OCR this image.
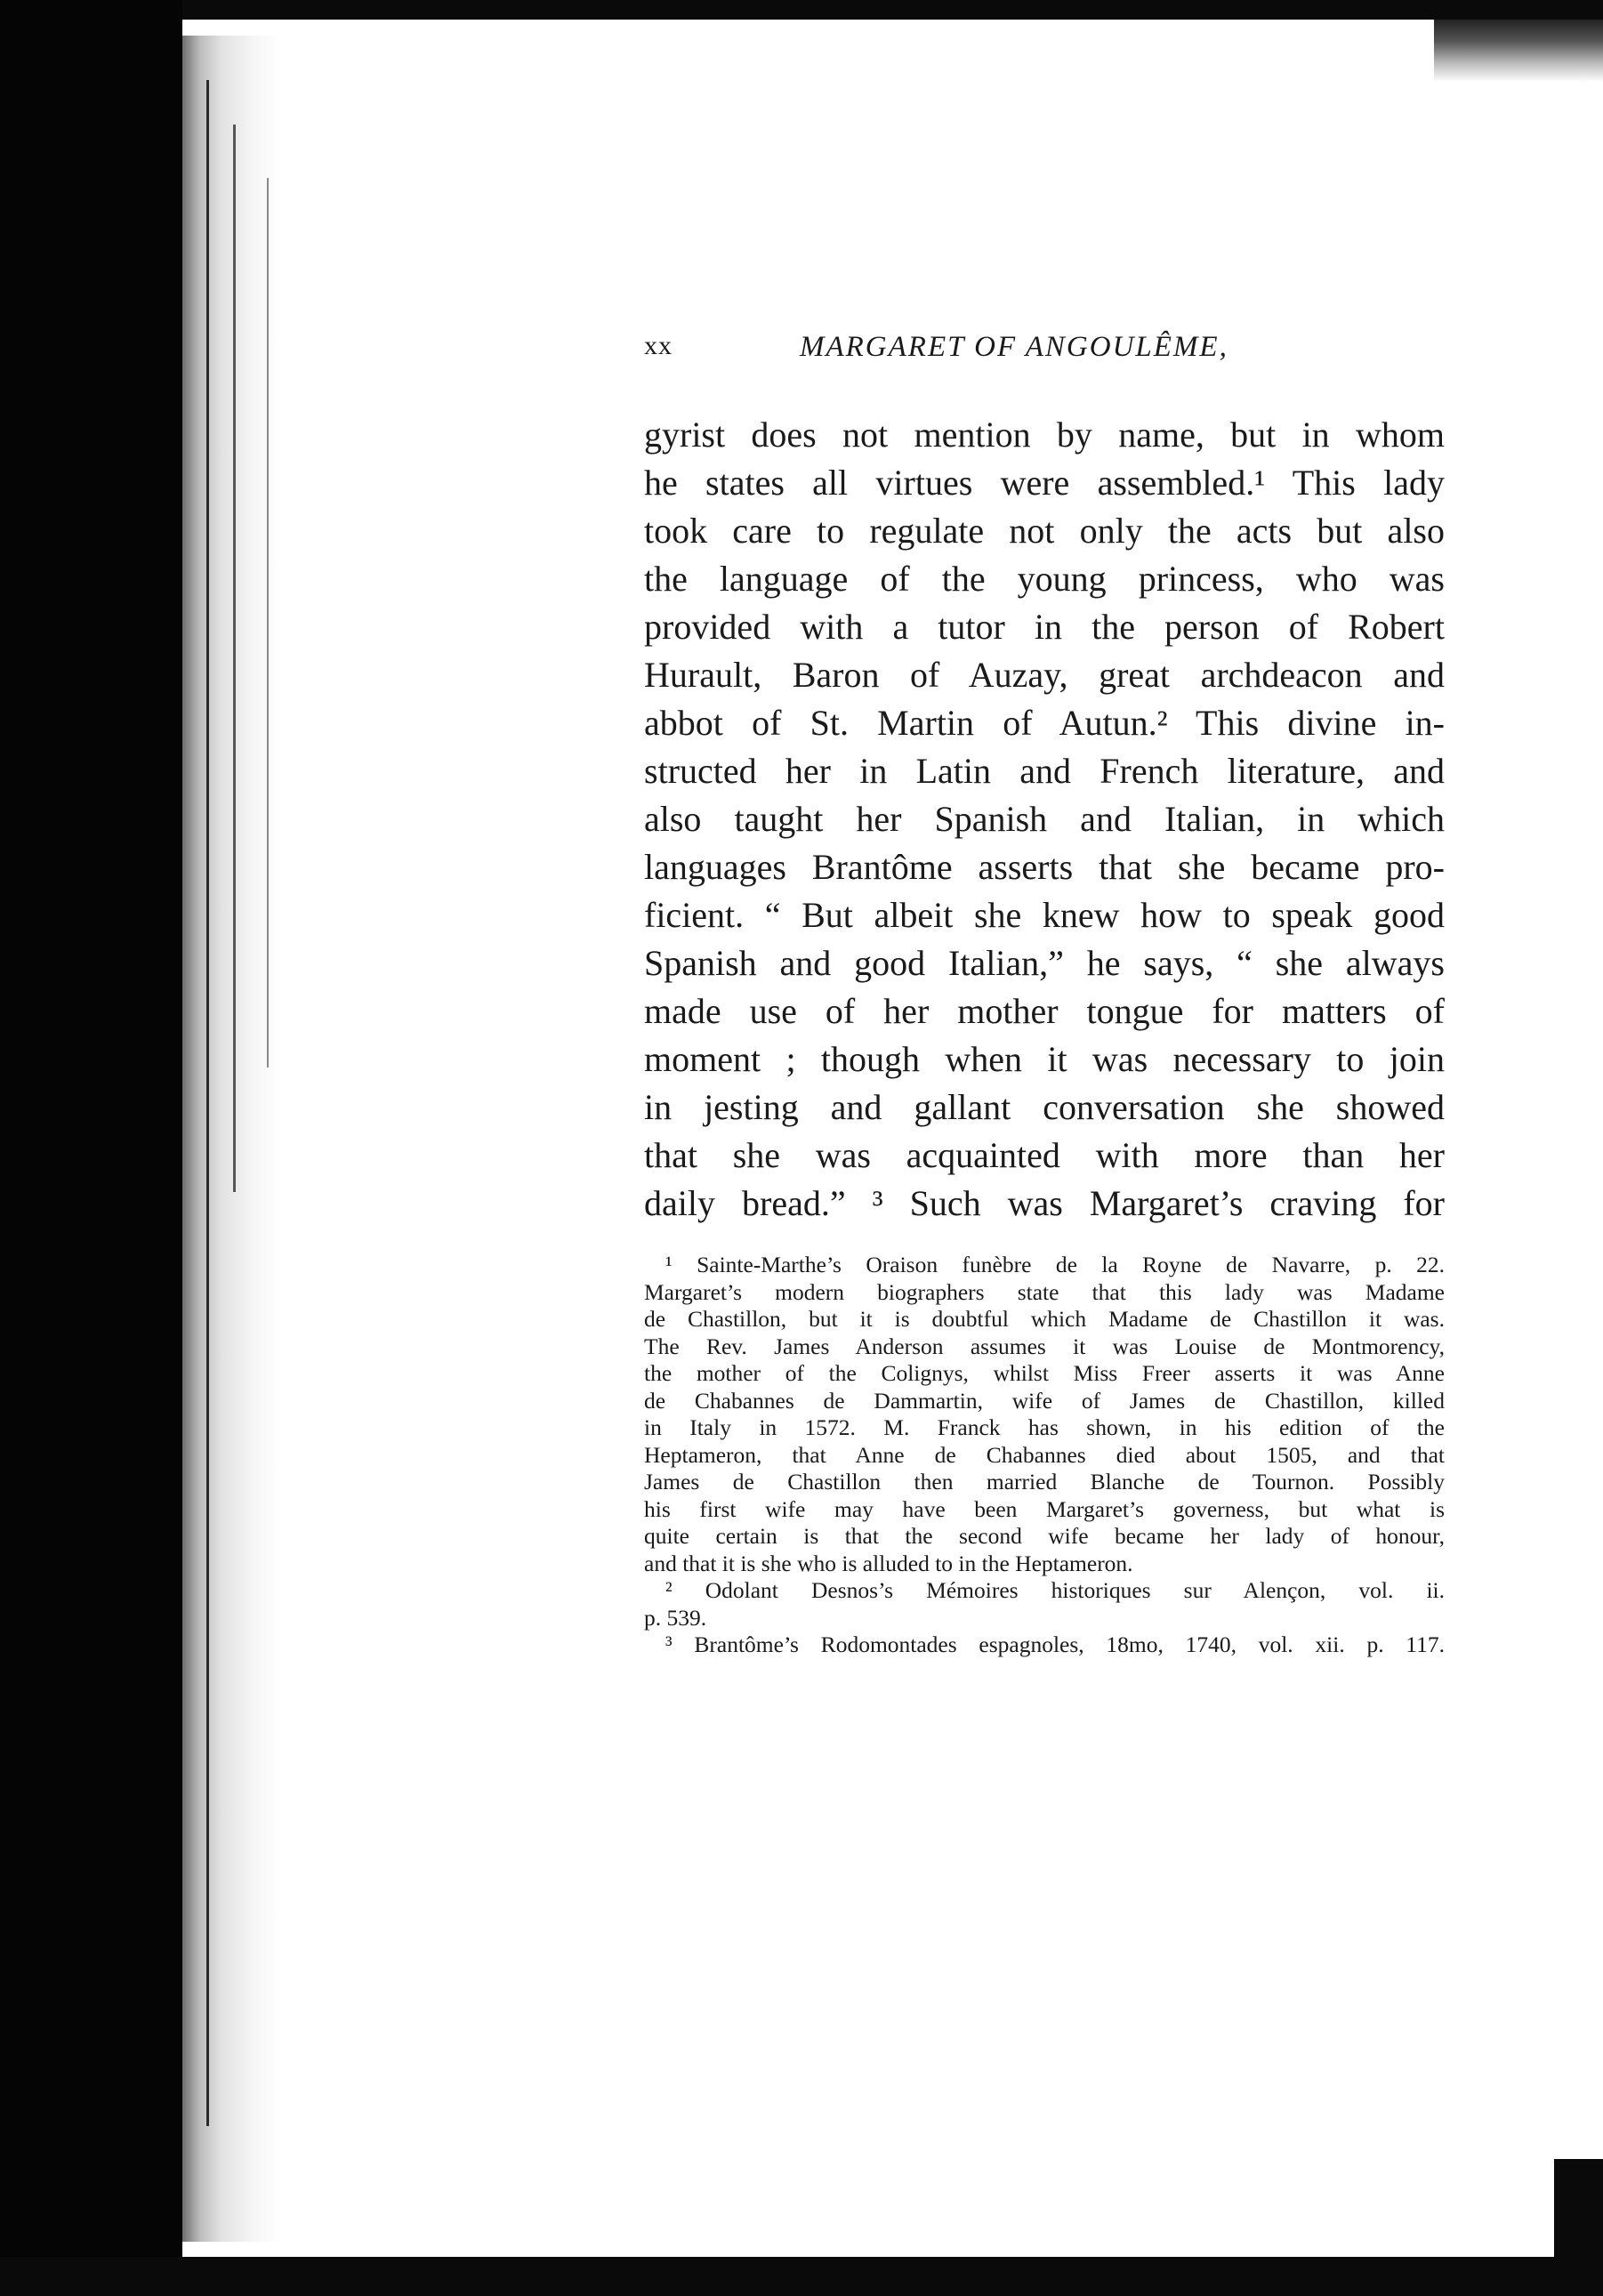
xx	MARGARET OF ANGOULÊME,
gyrist does not mention by name, but in whom
he states all virtues were assembled.¹ This lady
took care to regulate not only the acts but also
the language of the young princess, who was
provided with a tutor in the person of Robert
Hurault, Baron of Auzay, great archdeacon and
abbot of St. Martin of Autun.² This divine in-
structed her in Latin and French literature, and
also taught her Spanish and Italian, in which
languages Brantôme asserts that she became pro-
ficient. “ But albeit she knew how to speak good
Spanish and good Italian,” he says, “ she always
made use of her mother tongue for matters of
moment ; though when it was necessary to join
in jesting and gallant conversation she showed
that she was acquainted with more than her
daily bread.” ³ Such was Margaret’s craving for
¹ Sainte-Marthe’s Oraison funèbre de la Royne de Navarre, p. 22.
Margaret’s modern biographers state that this lady was Madame
de Chastillon, but it is doubtful which Madame de Chastillon it was.
The Rev. James Anderson assumes it was Louise de Montmorency,
the mother of the Colignys, whilst Miss Freer asserts it was Anne
de Chabannes de Dammartin, wife of James de Chastillon, killed
in Italy in 1572. M. Franck has shown, in his edition of the
Heptameron, that Anne de Chabannes died about 1505, and that
James de Chastillon then married Blanche de Tournon. Possibly
his first wife may have been Margaret’s governess, but what is
quite certain is that the second wife became her lady of honour,
and that it is she who is alluded to in the Heptameron.
² Odolant Desnos’s Mémoires historiques sur Alençon, vol. ii.
p. 539.
³ Brantôme’s Rodomontades espagnoles, 18mo, 1740, vol. xii. p. 117.
